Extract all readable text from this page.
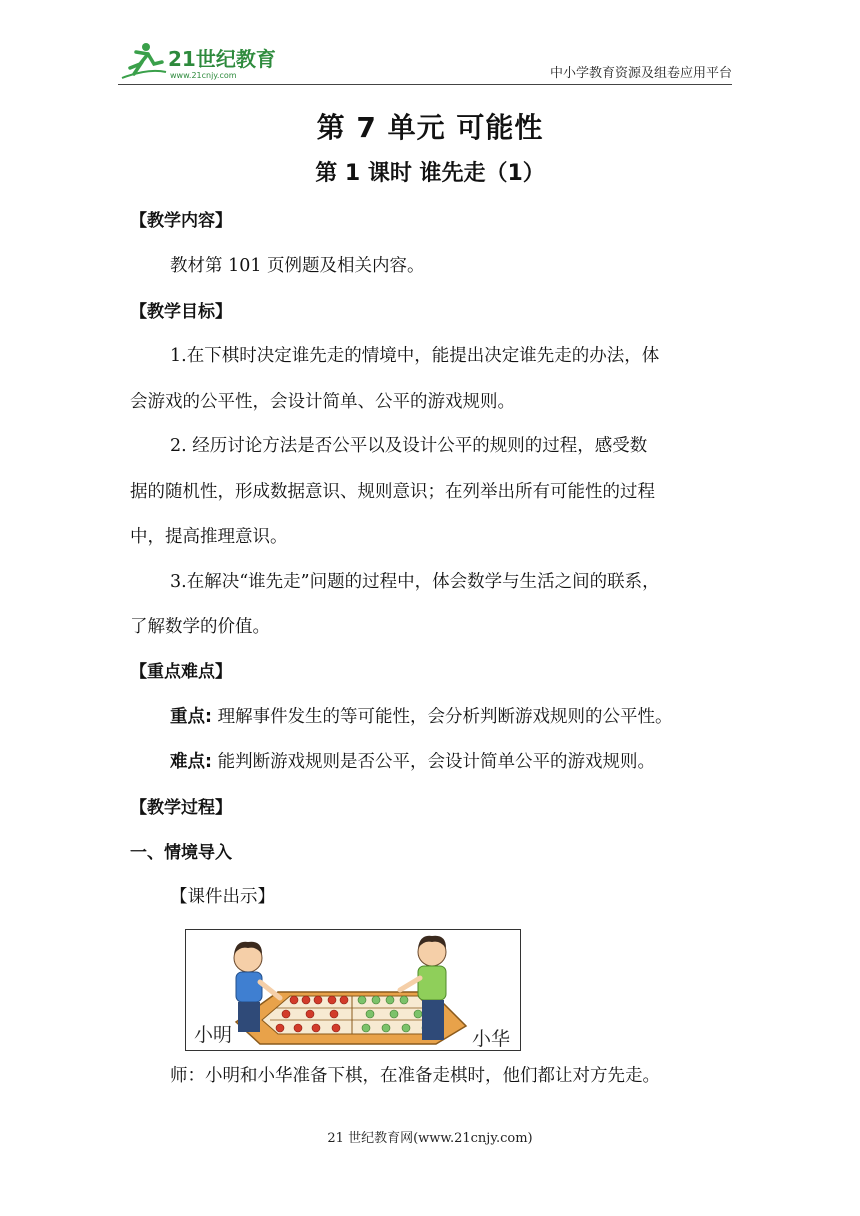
21世纪教育
www.21cnjy.com	中小学教育资源及组卷应用平台
第 7 单元 可能性
第 1 课时 谁先走（1）
【教学内容】
教材第 101 页例题及相关内容。
【教学目标】
1.在下棋时决定谁先走的情境中，能提出决定谁先走的办法，体
会游戏的公平性，会设计简单、公平的游戏规则。
2. 经历讨论方法是否公平以及设计公平的规则的过程，感受数
据的随机性，形成数据意识、规则意识；在列举出所有可能性的过程
中，提高推理意识。
3.在解决“谁先走”问题的过程中，体会数学与生活之间的联系，
了解数学的价值。
【重点难点】
重点: 理解事件发生的等可能性，会分析判断游戏规则的公平性。
难点: 能判断游戏规则是否公平，会设计简单公平的游戏规则。
【教学过程】
一、情境导入
【课件出示】
小明	小华
师：小明和小华准备下棋，在准备走棋时，他们都让对方先走。
21 世纪教育网(www.21cnjy.com)
